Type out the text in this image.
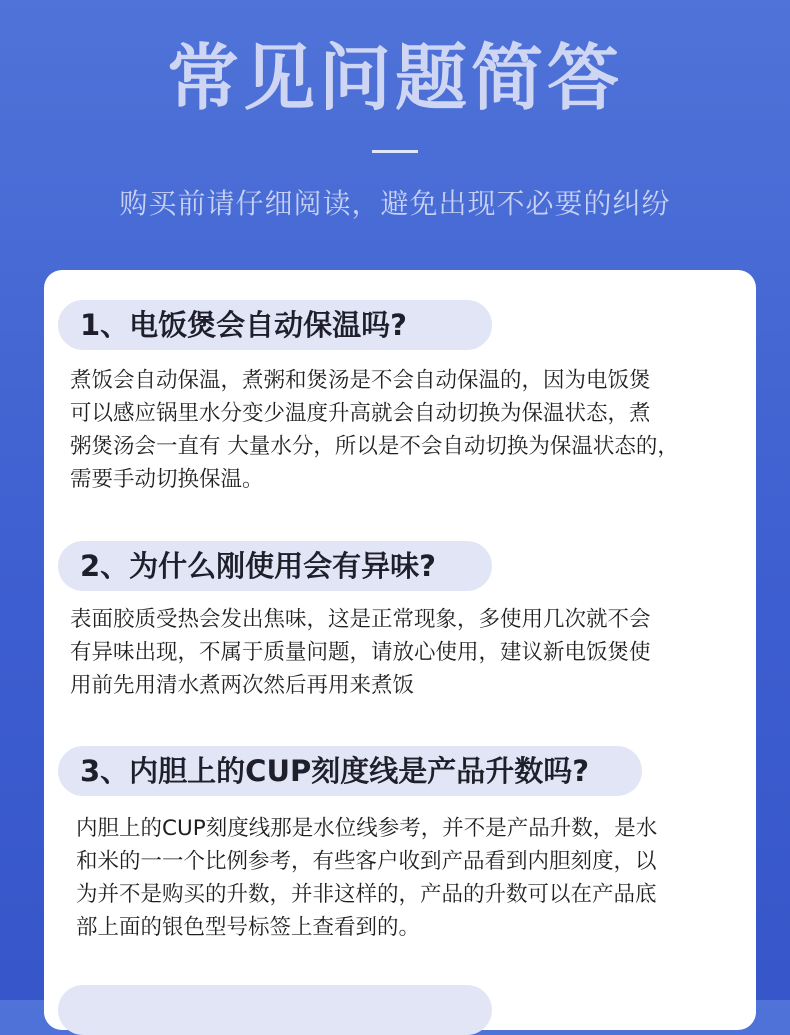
常见问题简答
购买前请仔细阅读，避免出现不必要的纠纷
1、电饭煲会自动保温吗?

煮饭会自动保温，煮粥和煲汤是不会自动保温的，因为电饭煲
可以感应锅里水分变少温度升高就会自动切换为保温状态，煮
粥煲汤会一直有 大量水分，所以是不会自动切换为保温状态的，
需要手动切换保温。

2、为什么刚使用会有异味?

表面胶质受热会发出焦味，这是正常现象，多使用几次就不会
有异味出现，不属于质量问题，请放心使用，建议新电饭煲使
用前先用清水煮两次然后再用来煮饭

3、内胆上的CUP刻度线是产品升数吗?

内胆上的CUP刻度线那是水位线参考，并不是产品升数，是水
和米的一一个比例参考，有些客户收到产品看到内胆刻度，以
为并不是购买的升数，并非这样的，产品的升数可以在产品底
部上面的银色型号标签上查看到的。
